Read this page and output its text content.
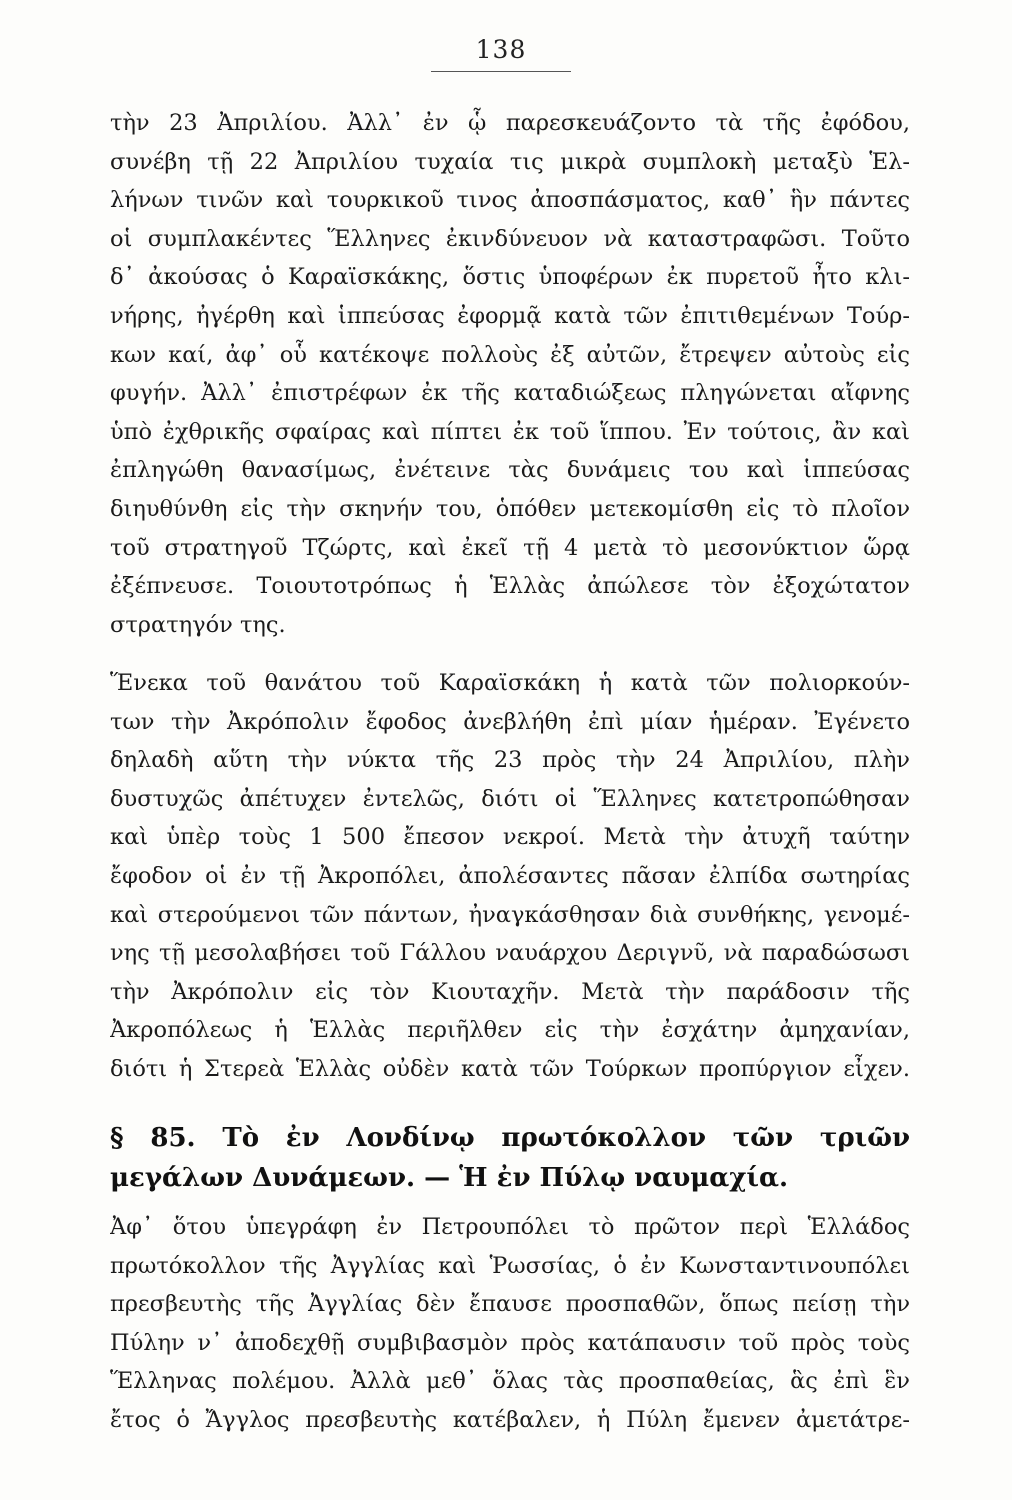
138
τὴν 23 Ἀπριλίου. Ἀλλ᾿ ἐν ᾧ παρεσκευάζοντο τὰ τῆς ἐφόδου,
συνέβη τῇ 22 Ἀπριλίου τυχαία τις μικρὰ συμπλοκὴ μεταξὺ Ἑλ-
λήνων τινῶν καὶ τουρκικοῦ τινος ἀποσπάσματος, καθ᾿ ἣν πάντες
οἱ συμπλακέντες Ἕλληνες ἐκινδύνευον νὰ καταστραφῶσι. Τοῦτο
δ᾿ ἀκούσας ὁ Καραϊσκάκης, ὅστις ὑποφέρων ἐκ πυρετοῦ ἦτο κλι-
νήρης, ἠγέρθη καὶ ἱππεύσας ἐφορμᾷ κατὰ τῶν ἐπιτιθεμένων Τούρ-
κων καί, ἀφ᾿ οὗ κατέκοψε πολλοὺς ἐξ αὐτῶν, ἔτρεψεν αὐτοὺς εἰς
φυγήν. Ἀλλ᾿ ἐπιστρέφων ἐκ τῆς καταδιώξεως πληγώνεται αἴφνης
ὑπὸ ἐχθρικῆς σφαίρας καὶ πίπτει ἐκ τοῦ ἵππου. Ἐν τούτοις, ἂν καὶ
ἐπληγώθη θανασίμως, ἐνέτεινε τὰς δυνάμεις του καὶ ἱππεύσας
διηυθύνθη εἰς τὴν σκηνήν του, ὁπόθεν μετεκομίσθη εἰς τὸ πλοῖον
τοῦ στρατηγοῦ Τζώρτς, καὶ ἐκεῖ τῇ 4 μετὰ τὸ μεσονύκτιον ὥρᾳ
ἐξέπνευσε. Τοιουτοτρόπως ἡ Ἑλλὰς ἀπώλεσε τὸν ἐξοχώτατον
στρατηγόν της.
Ἕνεκα τοῦ θανάτου τοῦ Καραϊσκάκη ἡ κατὰ τῶν πολιορκούν-
των τὴν Ἀκρόπολιν ἔφοδος ἀνεβλήθη ἐπὶ μίαν ἡμέραν. Ἐγένετο
δηλαδὴ αὕτη τὴν νύκτα τῆς 23 πρὸς τὴν 24 Ἀπριλίου, πλὴν
δυστυχῶς ἀπέτυχεν ἐντελῶς, διότι οἱ Ἕλληνες κατετροπώθησαν
καὶ ὑπὲρ τοὺς 1 500 ἔπεσον νεκροί. Μετὰ τὴν ἀτυχῆ ταύτην
ἔφοδον οἱ ἐν τῇ Ἀκροπόλει, ἀπολέσαντες πᾶσαν ἐλπίδα σωτηρίας
καὶ στερούμενοι τῶν πάντων, ἠναγκάσθησαν διὰ συνθήκης, γενομέ-
νης τῇ μεσολαβήσει τοῦ Γάλλου ναυάρχου Δεριγνῦ, νὰ παραδώσωσι
τὴν Ἀκρόπολιν εἰς τὸν Κιουταχῆν. Μετὰ τὴν παράδοσιν τῆς
Ἀκροπόλεως ἡ Ἑλλὰς περιῆλθεν εἰς τὴν ἐσχάτην ἀμηχανίαν,
διότι ἡ Στερεὰ Ἑλλὰς οὐδὲν κατὰ τῶν Τούρκων προπύργιον εἶχεν.
§ 85. Τὸ ἐν Λονδίνῳ πρωτόκολλον τῶν τριῶν
μεγάλων Δυνάμεων. — Ἡ ἐν Πύλῳ ναυμαχία.
Ἀφ᾿ ὅτου ὑπεγράφη ἐν Πετρουπόλει τὸ πρῶτον περὶ Ἑλλάδος
πρωτόκολλον τῆς Ἀγγλίας καὶ Ῥωσσίας, ὁ ἐν Κωνσταντινουπόλει
πρεσβευτὴς τῆς Ἀγγλίας δὲν ἔπαυσε προσπαθῶν, ὅπως πείσῃ τὴν
Πύλην ν᾿ ἀποδεχθῇ συμβιβασμὸν πρὸς κατάπαυσιν τοῦ πρὸς τοὺς
Ἕλληνας πολέμου. Ἀλλὰ μεθ᾿ ὅλας τὰς προσπαθείας, ἃς ἐπὶ ἓν
ἔτος ὁ Ἄγγλος πρεσβευτὴς κατέβαλεν, ἡ Πύλη ἔμενεν ἀμετάτρε-
